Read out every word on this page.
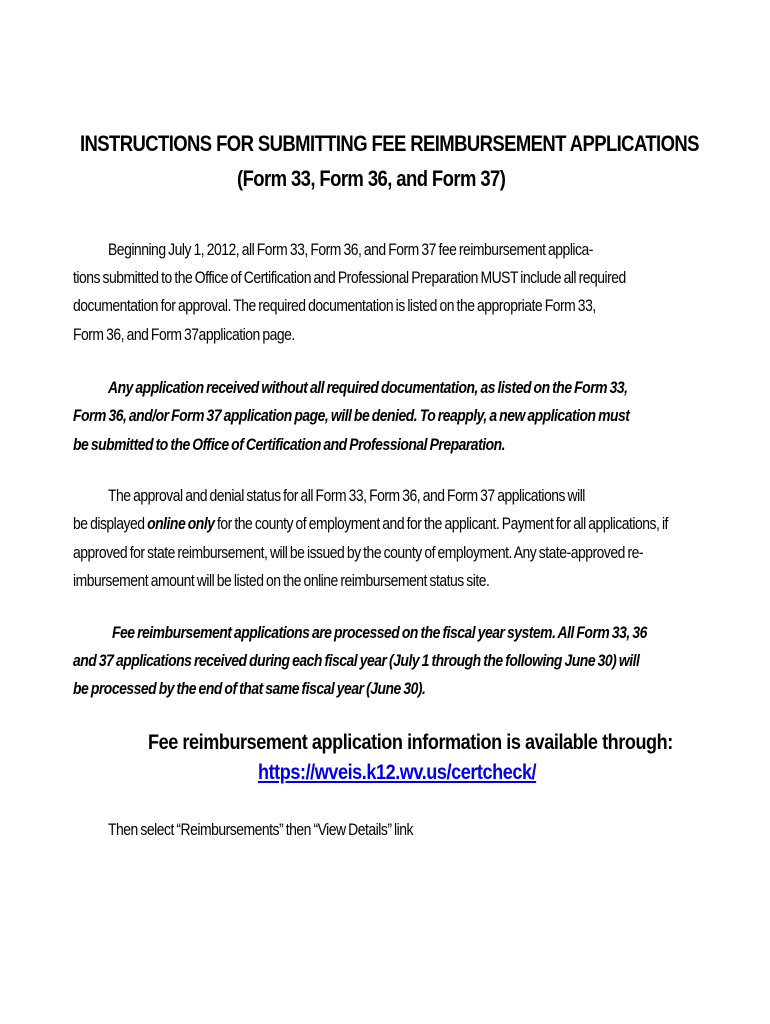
INSTRUCTIONS FOR SUBMITTING FEE REIMBURSEMENT APPLICATIONS
(Form 33, Form 36, and Form 37)
Beginning July 1, 2012, all Form 33, Form 36, and Form 37 fee reimbursement applica-
tions submitted to the Office of Certification and Professional Preparation MUST include all required
documentation for approval. The required documentation is listed on the appropriate Form 33,
Form 36, and Form 37application page.
Any application received without all required documentation, as listed on the Form 33,
Form 36, and/or Form 37 application page, will be denied. To reapply, a new application must
be submitted to the Office of Certification and Professional Preparation.
The approval and denial status for all Form 33, Form 36, and Form 37 applications will
be displayed online only for the county of employment and for the applicant. Payment for all applications, if
approved for state reimbursement, will be issued by the county of employment. Any state-approved re-
imbursement amount will be listed on the online reimbursement status site.
Fee reimbursement applications are processed on the fiscal year system. All Form 33, 36
and 37 applications received during each fiscal year (July 1 through the following June 30) will
be processed by the end of that same fiscal year (June 30).
Fee reimbursement application information is available through:
https://wveis.k12.wv.us/certcheck/
Then select “Reimbursements” then “View Details” link
